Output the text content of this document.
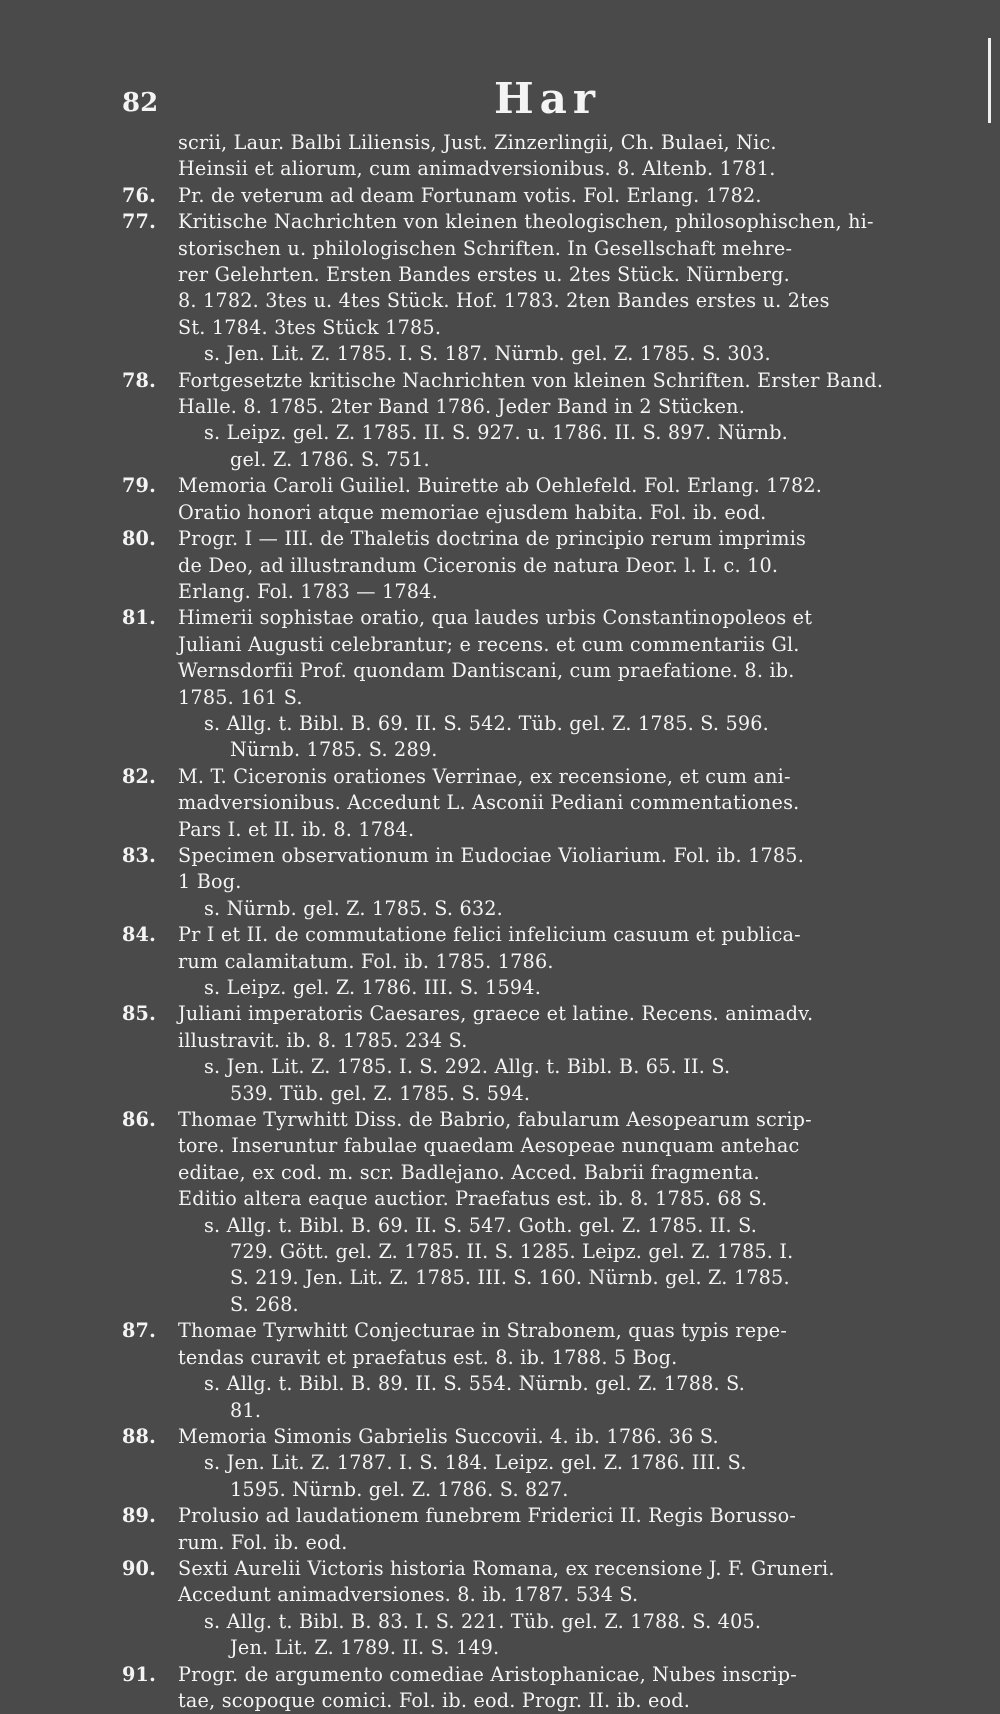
82	Har
scrii, Laur. Balbi Liliensis, Just. Zinzerlingii, Ch. Bulaei, Nic.
Heinsii et aliorum, cum animadversionibus. 8. Altenb. 1781.
76. Pr. de veterum ad deam Fortunam votis. Fol. Erlang. 1782.
77. Kritische Nachrichten von kleinen theologischen, philosophischen, hi-
storischen u. philologischen Schriften. In Gesellschaft mehre-
rer Gelehrten. Ersten Bandes erstes u. 2tes Stück. Nürnberg.
8. 1782. 3tes u. 4tes Stück. Hof. 1783. 2ten Bandes erstes u. 2tes
St. 1784. 3tes Stück 1785.
s. Jen. Lit. Z. 1785. I. S. 187. Nürnb. gel. Z. 1785. S. 303.
78. Fortgesetzte kritische Nachrichten von kleinen Schriften. Erster Band.
Halle. 8. 1785. 2ter Band 1786. Jeder Band in 2 Stücken.
s. Leipz. gel. Z. 1785. II. S. 927. u. 1786. II. S. 897. Nürnb.
gel. Z. 1786. S. 751.
79. Memoria Caroli Guiliel. Buirette ab Oehlefeld. Fol. Erlang. 1782.
Oratio honori atque memoriae ejusdem habita. Fol. ib. eod.
80. Progr. I — III. de Thaletis doctrina de principio rerum imprimis
de Deo, ad illustrandum Ciceronis de natura Deor. l. I. c. 10.
Erlang. Fol. 1783 — 1784.
81. Himerii sophistae oratio, qua laudes urbis Constantinopoleos et
Juliani Augusti celebrantur; e recens. et cum commentariis Gl.
Wernsdorfii Prof. quondam Dantiscani, cum praefatione. 8. ib.
1785. 161 S.
s. Allg. t. Bibl. B. 69. II. S. 542. Tüb. gel. Z. 1785. S. 596.
Nürnb. 1785. S. 289.
82. M. T. Ciceronis orationes Verrinae, ex recensione, et cum ani-
madversionibus. Accedunt L. Asconii Pediani commentationes.
Pars I. et II. ib. 8. 1784.
83. Specimen observationum in Eudociae Violiarium. Fol. ib. 1785.
1 Bog.
s. Nürnb. gel. Z. 1785. S. 632.
84. Pr I et II. de commutatione felici infelicium casuum et publica-
rum calamitatum. Fol. ib. 1785. 1786.
s. Leipz. gel. Z. 1786. III. S. 1594.
85. Juliani imperatoris Caesares, graece et latine. Recens. animadv.
illustravit. ib. 8. 1785. 234 S.
s. Jen. Lit. Z. 1785. I. S. 292. Allg. t. Bibl. B. 65. II. S.
539. Tüb. gel. Z. 1785. S. 594.
86. Thomae Tyrwhitt Diss. de Babrio, fabularum Aesopearum scrip-
tore. Inseruntur fabulae quaedam Aesopeae nunquam antehac
editae, ex cod. m. scr. Badlejano. Acced. Babrii fragmenta.
Editio altera eaque auctior. Praefatus est. ib. 8. 1785. 68 S.
s. Allg. t. Bibl. B. 69. II. S. 547. Goth. gel. Z. 1785. II. S.
729. Gött. gel. Z. 1785. II. S. 1285. Leipz. gel. Z. 1785. I.
S. 219. Jen. Lit. Z. 1785. III. S. 160. Nürnb. gel. Z. 1785.
S. 268.
87. Thomae Tyrwhitt Conjecturae in Strabonem, quas typis repe-
tendas curavit et praefatus est. 8. ib. 1788. 5 Bog.
s. Allg. t. Bibl. B. 89. II. S. 554. Nürnb. gel. Z. 1788. S.
81.
88. Memoria Simonis Gabrielis Succovii. 4. ib. 1786. 36 S.
s. Jen. Lit. Z. 1787. I. S. 184. Leipz. gel. Z. 1786. III. S.
1595. Nürnb. gel. Z. 1786. S. 827.
89. Prolusio ad laudationem funebrem Friderici II. Regis Borusso-
rum. Fol. ib. eod.
90. Sexti Aurelii Victoris historia Romana, ex recensione J. F. Gruneri.
Accedunt animadversiones. 8. ib. 1787. 534 S.
s. Allg. t. Bibl. B. 83. I. S. 221. Tüb. gel. Z. 1788. S. 405.
Jen. Lit. Z. 1789. II. S. 149.
91. Progr. de argumento comediae Aristophanicae, Nubes inscrip-
tae, scopoque comici. Fol. ib. eod. Progr. II. ib. eod.
